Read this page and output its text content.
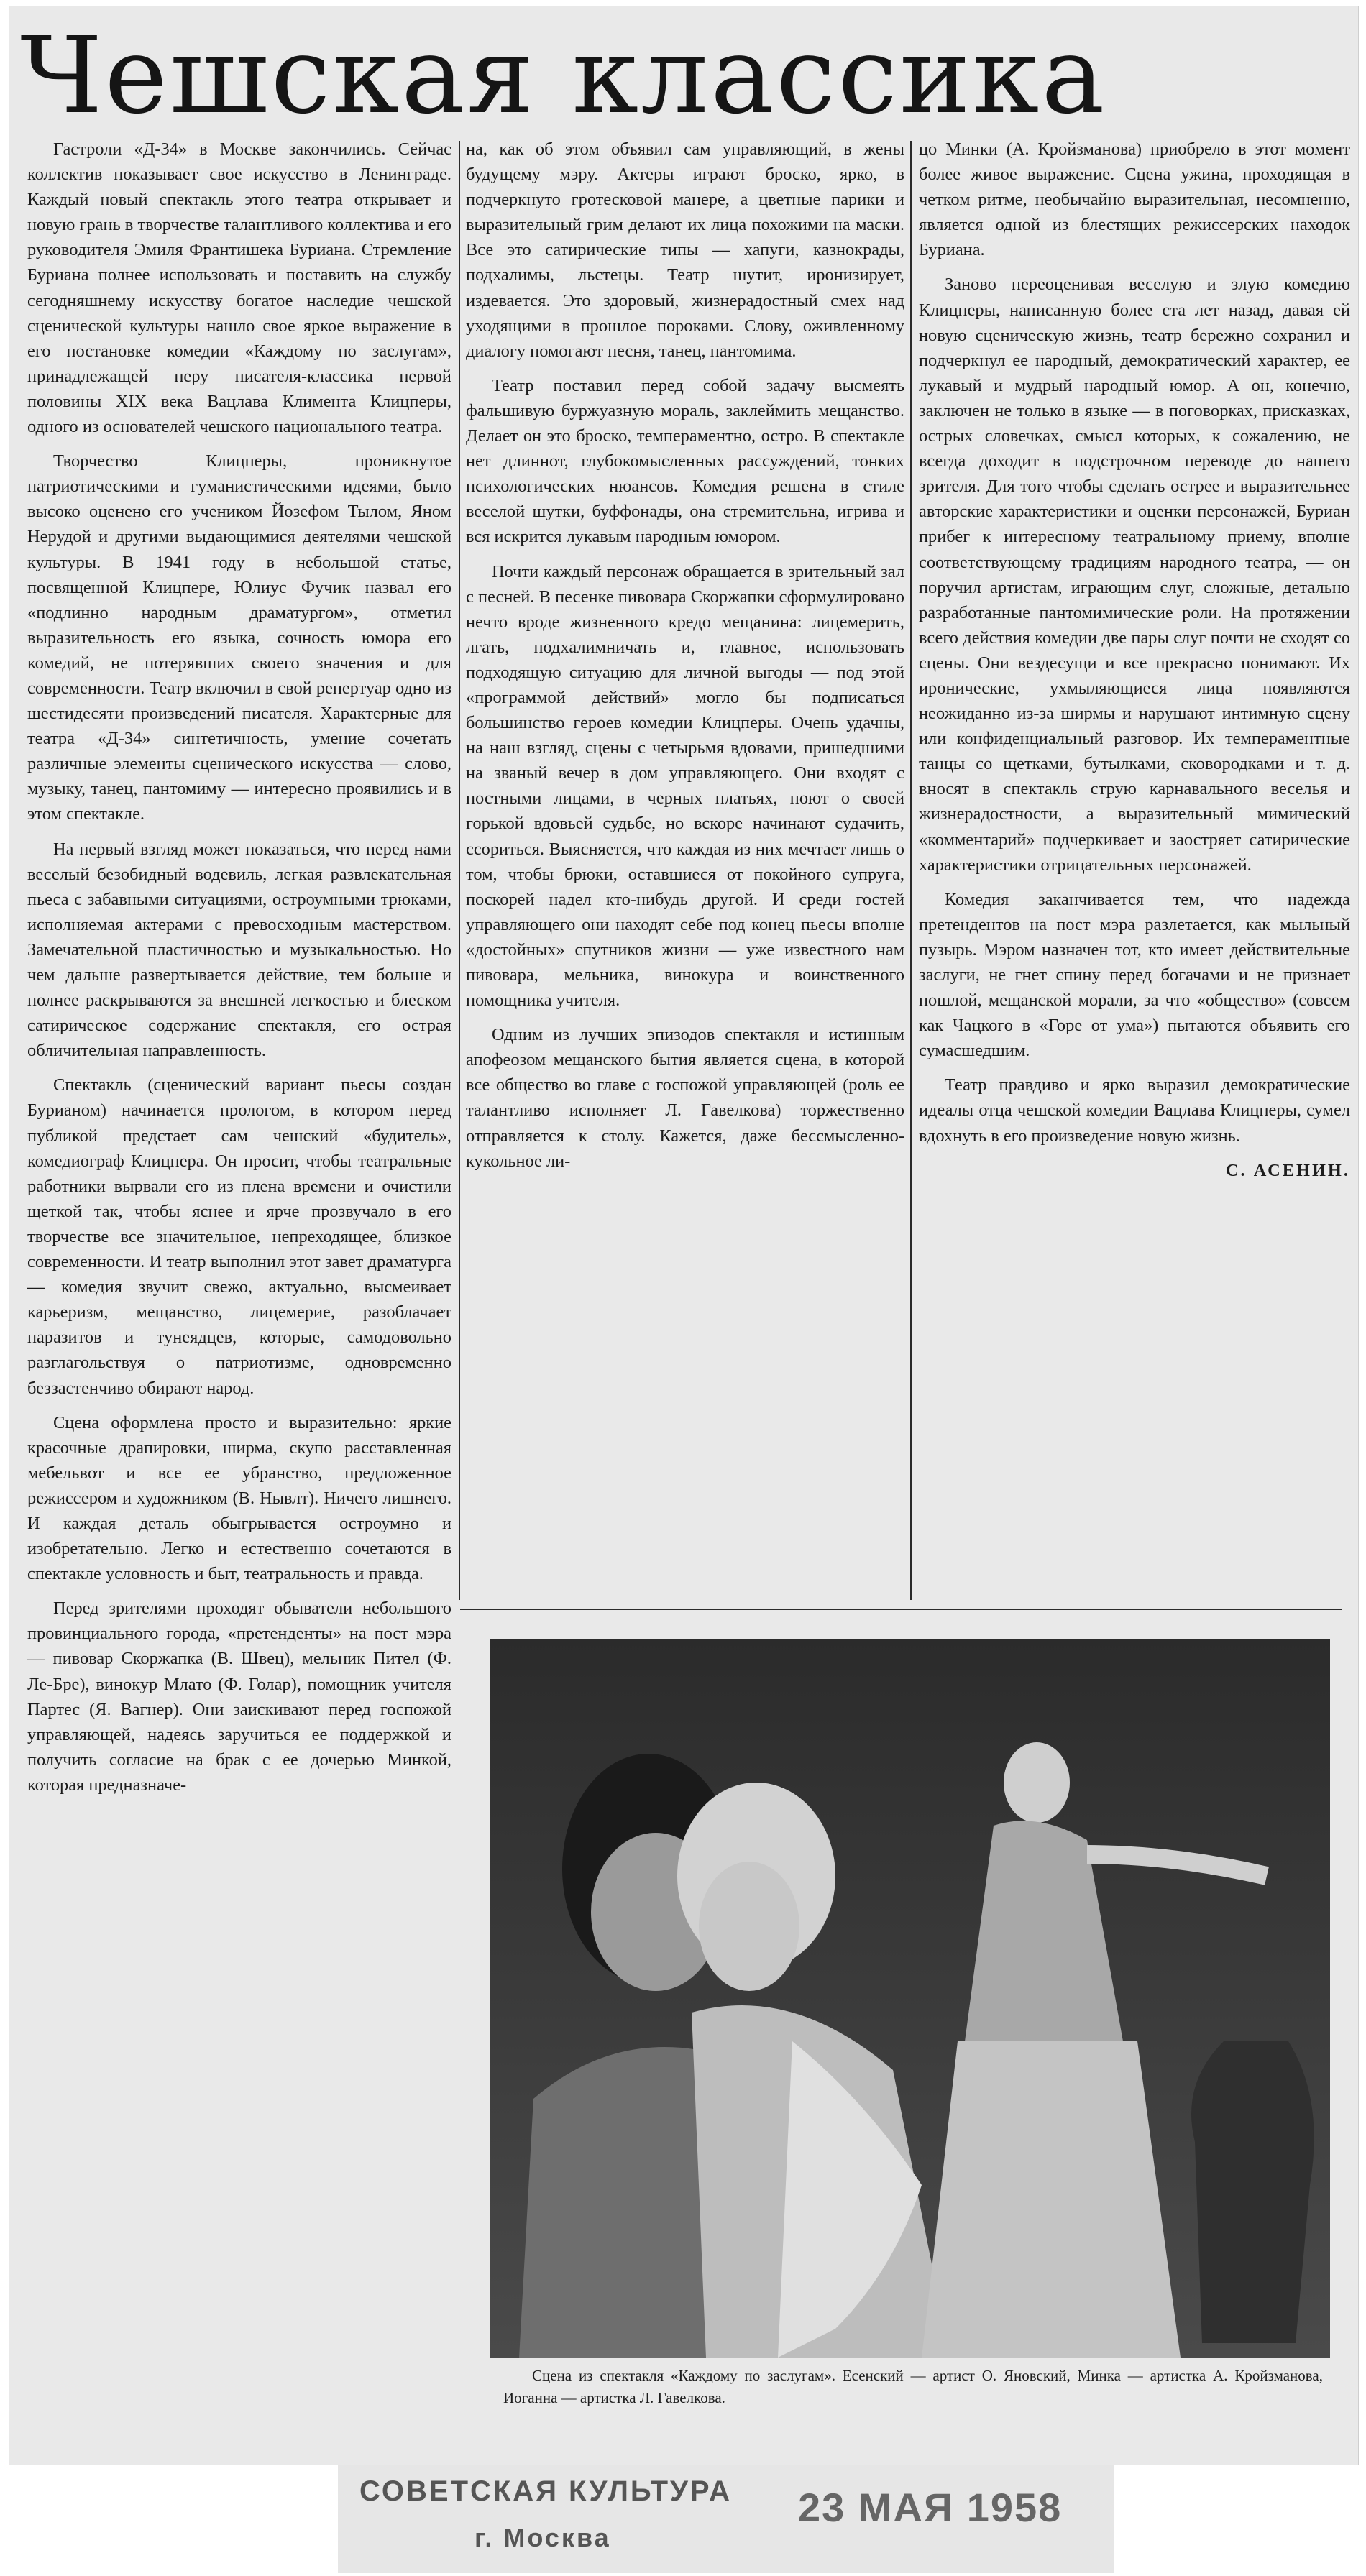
Чешская классика

Гастроли «Д-34» в Москве закончились. Сейчас коллектив показывает свое искусство в Ленинграде. Каждый новый спектакль этого театра открывает и новую грань в творчестве талантливого коллектива и его руководителя Эмиля Франтишека Буриана. Стремление Буриана полнее использовать и поставить на службу сегодняшнему искусству богатое наследие чешской сценической культуры нашло свое яркое выражение в его постановке комедии «Каждому по заслугам», принадлежащей перу писателя-классика первой половины XIX века Вацлава Климента Клицперы, одного из основателей чешского национального театра.

Творчество Клицперы, проникнутое патриотическими и гуманистическими идеями, было высоко оценено его учеником Йозефом Тылом, Яном Нерудой и другими выдающимися деятелями чешской культуры. В 1941 году в небольшой статье, посвященной Клицпере, Юлиус Фучик назвал его «подлинно народным драматургом», отметил выразительность его языка, сочность юмора его комедий, не потерявших своего значения и для современности. Театр включил в свой репертуар одно из шестидесяти произведений писателя. Характерные для театра «Д-34» синтетичность, умение сочетать различные элементы сценического искусства — слово, музыку, танец, пантомиму — интересно проявились и в этом спектакле.

На первый взгляд может показаться, что перед нами веселый безобидный водевиль, легкая развлекательная пьеса с забавными ситуациями, остроумными трюками, исполняемая актерами с превосходным мастерством. Замечательной пластичностью и музыкальностью. Но чем дальше развертывается действие, тем больше и полнее раскрываются за внешней легкостью и блеском сатирическое содержание спектакля, его острая обличительная направленность.

Спектакль (сценический вариант пьесы создан Бурианом) начинается прологом, в котором перед публикой предстает сам чешский «будитель», комедиограф Клицпера. Он просит, чтобы театральные работники вырвали его из плена времени и очистили щеткой так, чтобы яснее и ярче прозвучало в его творчестве все значительное, непреходящее, близкое современности. И театр выполнил этот завет драматурга — комедия звучит свежо, актуально, высмеивает карьеризм, мещанство, лицемерие, разоблачает паразитов и тунеядцев, которые, самодовольно разглагольствуя о патриотизме, одновременно беззастенчиво обирают народ.

Сцена оформлена просто и выразительно: яркие красочные драпировки, ширма, скупо расставленная мебельвот и все ее убранство, предложенное режиссером и художником (В. Нывлт). Ничего лишнего. И каждая деталь обыгрывается остроумно и изобретательно. Легко и естественно сочетаются в спектакле условность и быт, театральность и правда.

Перед зрителями проходят обыватели небольшого провинциального города, «претенденты» на пост мэра — пивовар Скоржапка (В. Швец), мельник Пител (Ф. Ле-Бре), винокур Млато (Ф. Голар), помощник учителя Партес (Я. Вагнер). Они заискивают перед госпожой управляющей, надеясь заручиться ее поддержкой и получить согласие на брак с ее дочерью Минкой, которая предназначе-

на, как об этом объявил сам управляющий, в жены будущему мэру. Актеры играют броско, ярко, в подчеркнуто гротесковой манере, а цветные парики и выразительный грим делают их лица похожими на маски. Все это сатирические типы — хапуги, казнокрады, подхалимы, льстецы. Театр шутит, иронизирует, издевается. Это здоровый, жизнерадостный смех над уходящими в прошлое пороками. Слову, оживленному диалогу помогают песня, танец, пантомима.

Театр поставил перед собой задачу высмеять фальшивую буржуазную мораль, заклеймить мещанство. Делает он это броско, темпераментно, остро. В спектакле нет длиннот, глубокомысленных рассуждений, тонких психологических нюансов. Комедия решена в стиле веселой шутки, буффонады, она стремительна, игрива и вся искрится лукавым народным юмором.

Почти каждый персонаж обращается в зрительный зал с песней. В песенке пивовара Скоржапки сформулировано нечто вроде жизненного кредо мещанина: лицемерить, лгать, подхалимничать и, главное, использовать подходящую ситуацию для личной выгоды — под этой «программой действий» могло бы подписаться большинство героев комедии Клицперы. Очень удачны, на наш взгляд, сцены с четырьмя вдовами, пришедшими на званый вечер в дом управляющего. Они входят с постными лицами, в черных платьях, поют о своей горькой вдовьей судьбе, но вскоре начинают судачить, ссориться. Выясняется, что каждая из них мечтает лишь о том, чтобы брюки, оставшиеся от покойного супруга, поскорей надел кто-нибудь другой. И среди гостей управляющего они находят себе под конец пьесы вполне «достойных» спутников жизни — уже известного нам пивовара, мельника, винокура и воинственного помощника учителя.

Одним из лучших эпизодов спектакля и истинным апофеозом мещанского бытия является сцена, в которой все общество во главе с госпожой управляющей (роль ее талантливо исполняет Л. Гавелкова) торжественно отправляется к столу. Кажется, даже бессмысленно-кукольное ли-

цо Минки (А. Кройзманова) приобрело в этот момент более живое выражение. Сцена ужина, проходящая в четком ритме, необычайно выразительная, несомненно, является одной из блестящих режиссерских находок Буриана.

Заново переоценивая веселую и злую комедию Клицперы, написанную более ста лет назад, давая ей новую сценическую жизнь, театр бережно сохранил и подчеркнул ее народный, демократический характер, ее лукавый и мудрый народный юмор. А он, конечно, заключен не только в языке — в поговорках, присказках, острых словечках, смысл которых, к сожалению, не всегда доходит в подстрочном переводе до нашего зрителя. Для того чтобы сделать острее и выразительнее авторские характеристики и оценки персонажей, Буриан прибег к интересному театральному приему, вполне соответствующему традициям народного театра, — он поручил артистам, играющим слуг, сложные, детально разработанные пантомимические роли. На протяжении всего действия комедии две пары слуг почти не сходят со сцены. Они вездесущи и все прекрасно понимают. Их иронические, ухмыляющиеся лица появляются неожиданно из-за ширмы и нарушают интимную сцену или конфиденциальный разговор. Их темпераментные танцы со щетками, бутылками, сковородками и т. д. вносят в спектакль струю карнавального веселья и жизнерадостности, а выразительный мимический «комментарий» подчеркивает и заостряет сатирические характеристики отрицательных персонажей.

Комедия заканчивается тем, что надежда претендентов на пост мэра разлетается, как мыльный пузырь. Мэром назначен тот, кто имеет действительные заслуги, не гнет спину перед богачами и не признает пошлой, мещанской морали, за что «общество» (совсем как Чацкого в «Горе от ума») пытаются объявить его сумасшедшим.

Театр правдиво и ярко выразил демократические идеалы отца чешской комедии Вацлава Клицперы, сумел вдохнуть в его произведение новую жизнь.

С. АСЕНИН.

Сцена из спектакля «Каждому по заслугам». Есенский — артист О. Яновский, Минка — артистка А. Кройзманова, Иоганна — артистка Л. Гавелкова.
СОВЕТСКАЯ КУЛЬТУРА
г. Москва
23 МАЯ 1958
